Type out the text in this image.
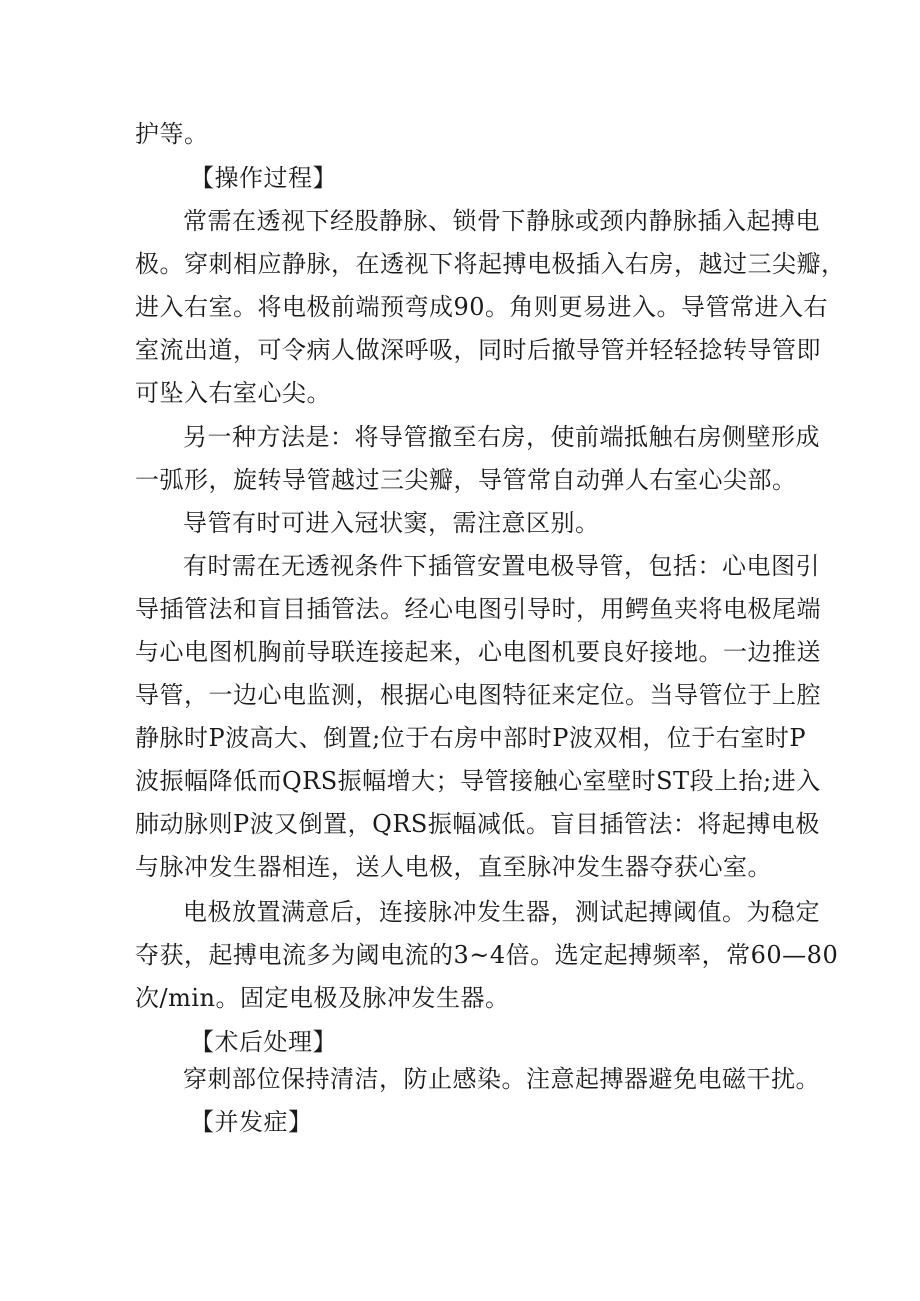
护等。
【操作过程】
常需在透视下经股静脉、锁骨下静脉或颈内静脉插入起搏电
极。穿刺相应静脉，在透视下将起搏电极插入右房，越过三尖瓣，
进入右室。将电极前端预弯成90。角则更易进入。导管常进入右
室流出道，可令病人做深呼吸，同时后撤导管并轻轻捻转导管即
可坠入右室心尖。
另一种方法是：将导管撤至右房，使前端抵触右房侧壁形成
一弧形，旋转导管越过三尖瓣，导管常自动弹人右室心尖部。
导管有时可进入冠状窦，需注意区别。
有时需在无透视条件下插管安置电极导管，包括：心电图引
导插管法和盲目插管法。经心电图引导时，用鳄鱼夹将电极尾端
与心电图机胸前导联连接起来，心电图机要良好接地。一边推送
导管，一边心电监测，根据心电图特征来定位。当导管位于上腔
静脉时P波高大、倒置;位于右房中部时P波双相，位于右室时P
波振幅降低而QRS振幅增大；导管接触心室壁时ST段上抬;进入
肺动脉则P波又倒置，QRS振幅减低。盲目插管法：将起搏电极
与脉冲发生器相连，送人电极，直至脉冲发生器夺获心室。
电极放置满意后，连接脉冲发生器，测试起搏阈值。为稳定
夺获，起搏电流多为阈电流的3~4倍。选定起搏频率，常60—80
次/min。固定电极及脉冲发生器。
【术后处理】
穿刺部位保持清洁，防止感染。注意起搏器避免电磁干扰。
【并发症】
